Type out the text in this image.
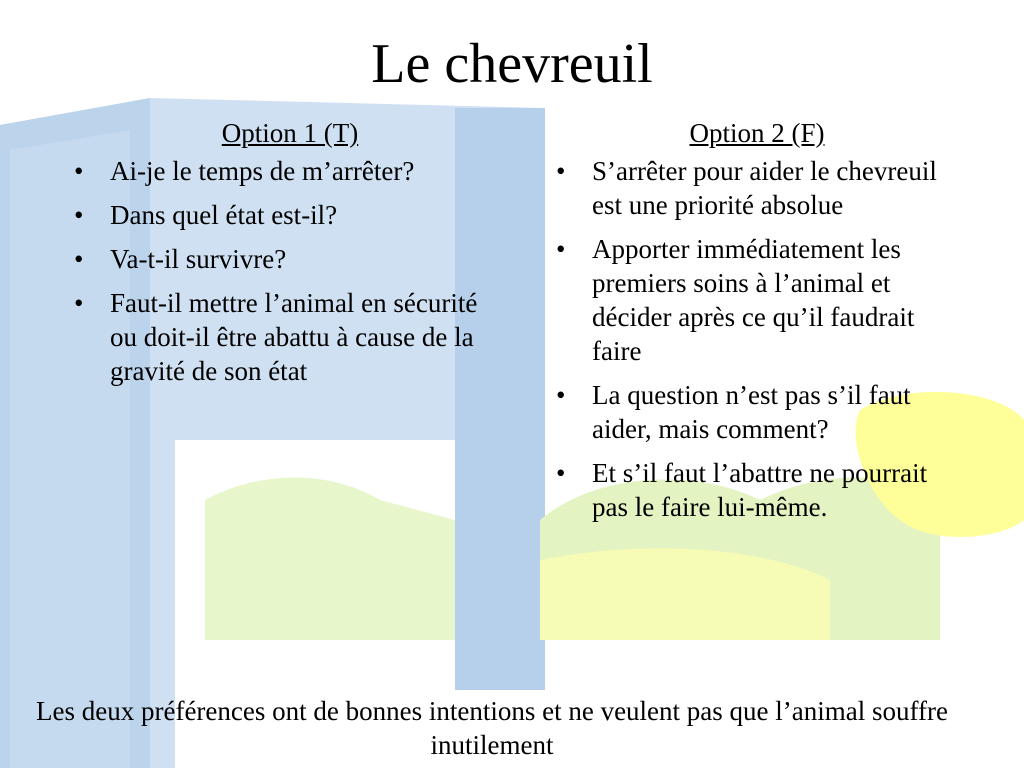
Le chevreuil
Option 1 (T)
• Ai-je le temps de m’arrêter?
• Dans quel état est-il?
• Va-t-il survivre?
• Faut-il mettre l’animal en sécurité ou doit-il être abattu à cause de la gravité de son état
Option 2 (F)
• S’arrêter pour aider le chevreuil est une priorité absolue
• Apporter immédiatement les premiers soins à l’animal et décider après ce qu’il faudrait faire
• La question n’est pas s’il faut aider, mais comment?
• Et s’il faut l’abattre ne pourrait pas le faire lui-même.

Les deux préférences ont de bonnes intentions et ne veulent pas que l’animal souffre inutilement
